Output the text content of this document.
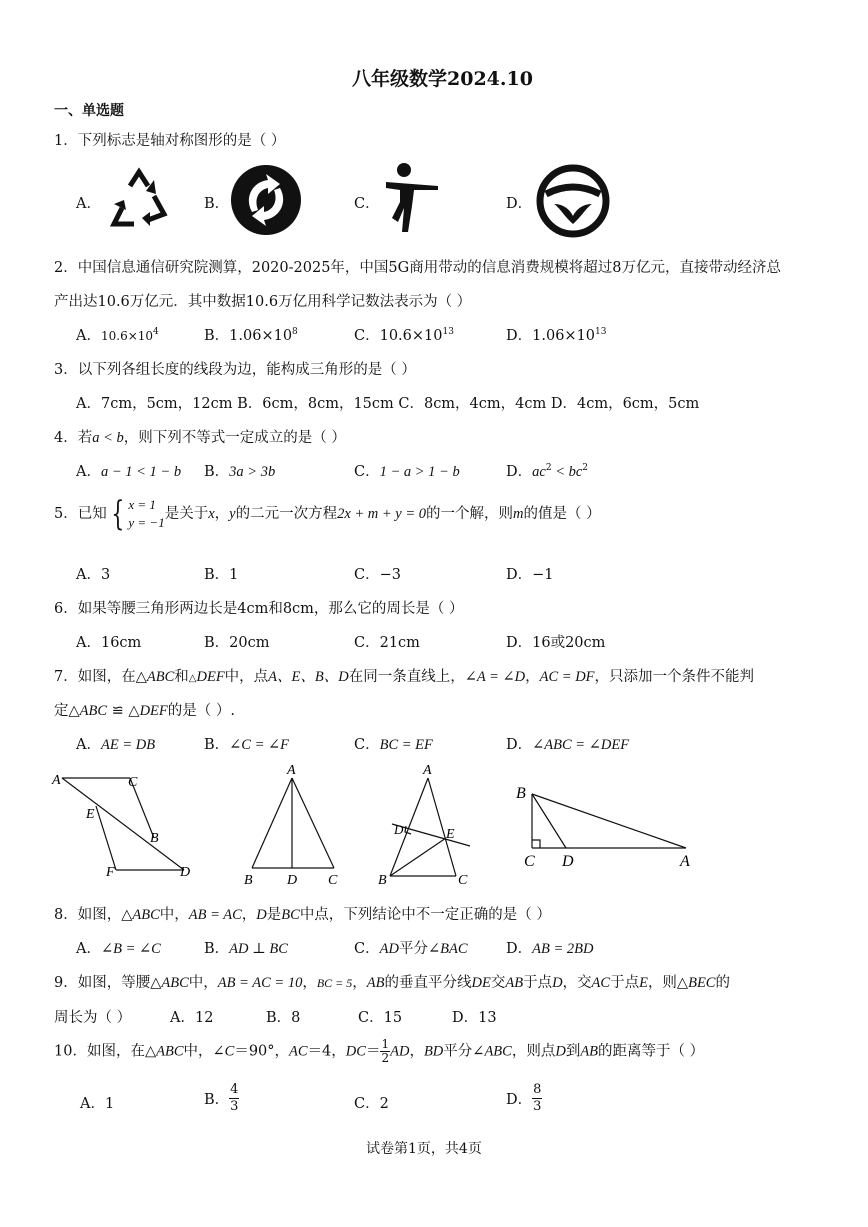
八年级数学2024.10
一、单选题
1．下列标志是轴对称图形的是（ ）
A．	B．	C．	D．
2．中国信息通信研究院测算，2020-2025年，中国5G商用带动的信息消费规模将超过8万亿元，直接带动经济总
产出达10.6万亿元．其中数据10.6万亿用科学记数法表示为（ ）
A．$10.6\times 10^4$	B．$1.06\times 10^8$	C．$10.6\times 10^{13}$	D．$1.06\times 10^{13}$
3．以下列各组长度的线段为边，能构成三角形的是（ ）
A．7cm，5cm，12cm B．6cm，8cm，15cm C．8cm，4cm，4cm D．4cm，6cm，5cm
4．若a < b，则下列不等式一定成立的是（ ）
A．a − 1 < 1 − b B．3a > 3b	C．1 − a > 1 − b	D．$ac^2 < bc^2$
5．已知 { x = 1
y = −1
是关于x，y的二元一次方程2x + m + y = 0的一个解，则m的值是（ ）
A．3	B．1	C．−3	D．−1
6．如果等腰三角形两边长是4cm和8cm，那么它的周长是（ ）
A．16cm	B．20cm	C．21cm	D．16或20cm
7．如图，在△ABC和△DEF中，点A、E、B、D在同一条直线上，∠A = ∠D，AC = DF，只添加一个条件不能判
定△ABC ≌ △DEF的是（ ）.
A．AE = DB	B．∠C = ∠F	C．BC = EF	D．∠ABC = ∠DEF
A	C
E
B
F	D
A
B D C
A
D	E
B	C
B
C D	A
8．如图，△ABC中，AB = AC，D是BC中点，下列结论中不一定正确的是（ ）
A．∠B = ∠C	B．AD ⊥ BC	C．AD平分∠BAC	D．AB = 2BD
9．如图，等腰△ABC中，AB = AC = 10，BC = 5，AB的垂直平分线DE交AB于点D，交AC于点E，则△BEC的
周长为（ ）	A．12	B．8	C．15	D．13
10．如图，在△ABC中，∠C＝90°，AC＝4，$DC= \frac{1}{2}$ AD，BD平分∠ABC，则点D到AB的距离等于（ ）
A．1	B． $\frac{4}{3}$	C．2	D． $\frac{8}{3}$
试卷第1页，共4页
